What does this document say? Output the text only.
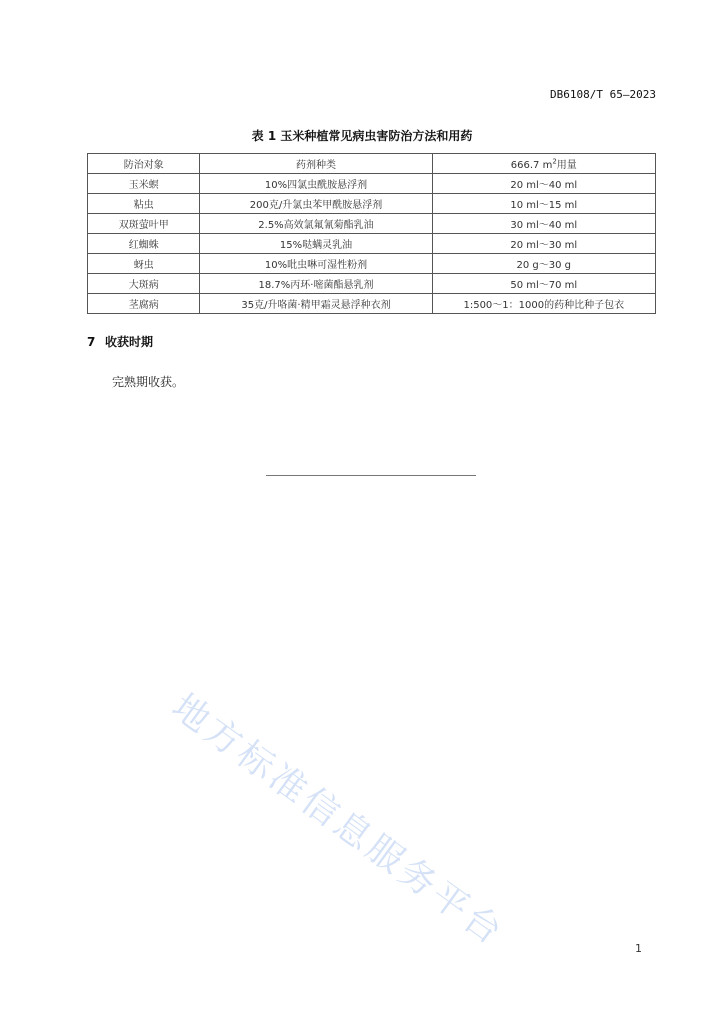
DB6108/T 65—2023
表 1 玉米种植常见病虫害防治方法和用药
防治对象	药剂种类	666.7 $m^2$用量
玉米螟	10%四氯虫酰胺悬浮剂	20 ml～40 ml
粘虫	200克/升氯虫苯甲酰胺悬浮剂	10 ml～15 ml
双斑萤叶甲	2.5%高效氯氟氰菊酯乳油	30 ml～40 ml
红蜘蛛	15%哒螨灵乳油	20 ml～30 ml
蚜虫	10%吡虫啉可湿性粉剂	20 g～30 g
大斑病	18.7%丙环·嘧菌酯悬乳剂	50 ml～70 ml
茎腐病	35克/升咯菌·精甲霜灵悬浮种衣剂	1:500～1：1000的药种比种子包衣
7 收获时期
完熟期收获。
地方标准信息服务平台	1
